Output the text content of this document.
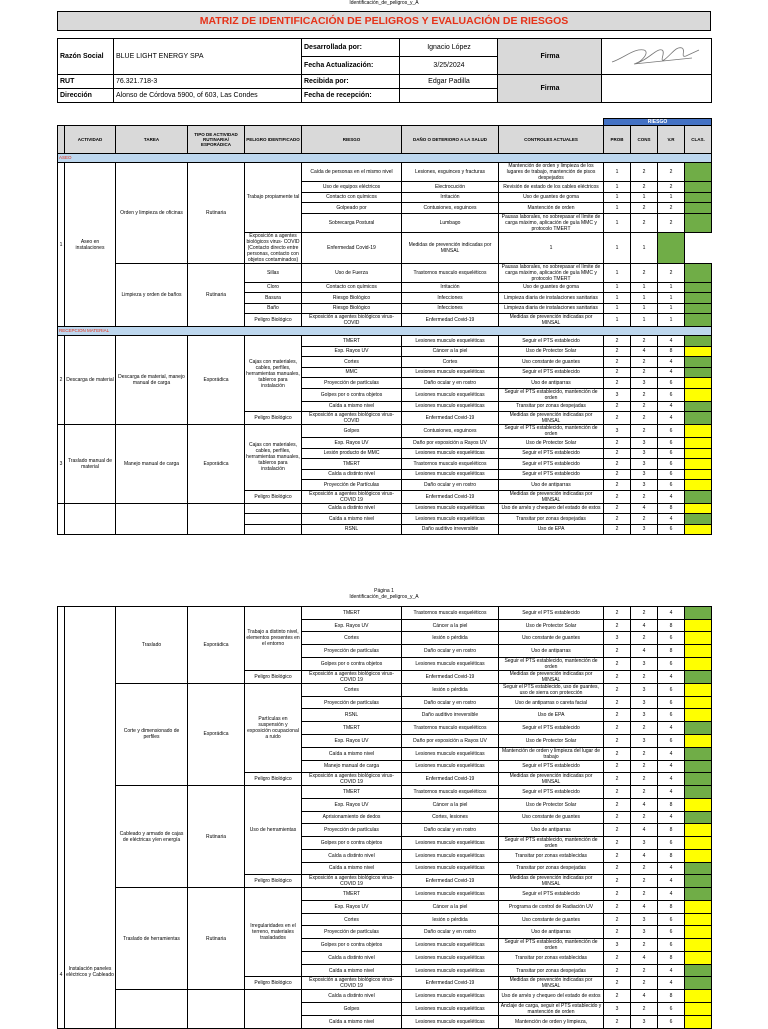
Identificación_de_peligros_y_A
MATRIZ DE IDENTIFICACIÓN DE PELIGROS Y EVALUACIÓN DE RIESGOS
Razón Social	BLUE LIGHT ENERGY SPA	Desarrollada por:	Ignacio López	Firma	
		Fecha Actualización:	3/25/2024		
RUT	76.321.718-3	Recibida por:	Edgar Padilla	Firma	
Dirección	Alonso de Córdova 5900, of 603, Las Condes	Fecha de recepción:			
								RIESGO			
	ACTIVIDAD	TAREA	TIPO DE ACTIVIDAD RUTINARIA/ ESPORÁDICA	PELIGRO IDENTIFICADO	RIESGO	DAÑO O DETERIORO A LA SALUD	CONTROLES ACTUALES	PROB	CONS	V.R	CLAS.
ASEO											
1	Aseo en instalaciones	Orden y limpieza de oficinas	Rutinaria	Trabajo propiamente tal	Caída de personas en el mismo nivel	Lesiones, esguinces y fracturas	Mantención de orden y limpieza de los lugares de trabajo, mantención de pisos despejados	1	2	2	
					Uso de equipos eléctricos	Electrocución	Revisión de estado de los cables eléctricos	1	2	2	
					Contacto con químicos	Irritación	Uso de guantes de goma	1	1	1	
					Golpeado por	Contusiones, esguinces	Mantención de orden	1	2	2	
					Sobrecarga Postural	Lumbago	Pausas laborales, no sobrepasar el límite de carga máximo, aplicación de guía MMC y protocolo TMERT	1	2	2	
				Exposición a agentes biológicos virus- COVID (Contacto directo entre personas, contacto con objetos contaminados)	Enfermedad Covid-19	Medidas de prevención indicadas por MINSAL	1	1	1		
		Limpieza y orden de baños	Rutinaria	Sillas	Uso de Fuerza	Trastornos musculo esqueléticos	Pausas laborales, no sobrepasar el límite de carga máximo, aplicación de guía MMC y protocolo TMERT	1	2	2	
				Cloro	Contacto con químicos	Irritación	Uso de guantes de goma	1	1	1	
				Basura	Riesgo Biológico	Infecciones	Limpieza diaria de instalaciones sanitarias	1	1	1	
				Baño	Riesgo Biológico	Infecciones	Limpieza diaria de instalaciones sanitarias	1	1	1	
				Peligro Biológico	Exposición a agentes biológicos virus- COVID	Enfermedad Covid-19	Medidas de prevención indicadas por MINSAL	1	1	1	
RECEPCION MATERIAL											
2	Descarga de material	Descarga de material, manejo manual de carga	Esporádica	Cajas con materiales, cables, perfiles, herramientas manuales, tableros para instalación	TMERT	Lesiones musculo esqueléticas	Seguir el PTS establecido	2	2	4	
					Exp. Rayos UV	Cáncer a la piel	Uso de Protector Solar	2	4	8	
					Cortes	Cortes	Uso constante de guantes	2	2	4	
					MMC	Lesiones musculo esqueléticas	Seguir el PTS establecido	2	2	4	
					Proyección de partículas	Daño ocular y en rostro	Uso de antiparras	2	3	6	
					Golpes por o contra objetos	Lesiones musculo esqueléticas	Seguir el PTS establecido, mantención de orden	3	2	6	
					Caída a mismo nivel	Lesiones musculo esqueléticas	Transitar por zonas despejadas	2	2	4	
				Peligro Biológico	Exposición a agentes biológicos virus- COVID	Enfermedad Covid-19	Medidas de prevención indicadas por MINSAL	2	2	4	
3	Traslado manual de material	Manejo manual de carga	Esporádica	Cajas con materiales, cables, perfiles, herramientas manuales, tableros para instalación	Golpes	Contusiones, esguinces	Seguir el PTS establecido, mantención de orden	3	2	6	
					Exp. Rayos UV	Daño por exposición a Rayos UV	Uso de Protector Solar	2	3	6	
					Lesión producto de MMC	Lesiones musculo esqueléticas	Seguir el PTS establecido	2	3	6	
					TMERT	Trastornos musculo esqueléticos	Seguir el PTS establecido	2	3	6	
					Caída a distinto nivel	Lesiones musculo esqueléticas	Seguir el PTS establecido	2	3	6	
					Proyección de Partículas	Daño ocular y en rostro	Uso de antiparras	2	3	6	
				Peligro Biológico	Exposición a agentes biológicos virus- COVID 19	Enfermedad Covid-19	Medidas de prevención indicadas por MINSAL	2	2	4	
					Caída a distinto nivel	Lesiones musculo esqueléticas	Uso de arnés y chequeo del estado de estos	2	4	8	
					Caída a mismo nivel	Lesiones musculo esqueléticas	Transitar por zonas despejadas	2	2	4	
					RSNL	Daño auditivo irreversible	Uso de EPA	2	3	6	
Página 1
Identificación_de_peligros_y_A
4	Instalación paneles eléctricos y Cableado	Traslado	Esporádica	Trabajo a distinto nivel, elementos presentes en el entorno	TMERT	Trastornos musculo esqueléticos	Seguir el PTS establecido	2	2	4	
					Exp. Rayos UV	Cáncer a la piel	Uso de Protector Solar	2	4	8	
					Cortes	lesión o pérdida	Uso constante de guantes	3	2	6	
					Proyección de partículas	Daño ocular y en rostro	Uso de antiparras	2	4	8	
					Golpes por o contra objetos	Lesiones musculo esqueléticas	Seguir el PTS establecido, mantención de orden	2	3	6	
				Peligro Biológico	Exposición a agentes biológicos virus- COVID 19	Enfermedad Covid-19	Medidas de prevención indicadas por MINSAL	2	2	4	
		Corte y dimensionado de perfiles	Esporádica	Partículas en suspensión y exposición ocupacional a ruido	Cortes	lesión o pérdida	Seguir el PTS establecido, uso de guantes, uso de sierra con protección	2	3	6	
					Proyección de partículas	Daño ocular y en rostro	Uso de antiparras o careta facial	2	3	6	
					RSNL	Daño auditivo irreversible	Uso de EPA	2	3	6	
					TMERT	Trastornos musculo esqueléticos	Seguir el PTS establecido	2	2	4	
					Exp. Rayos UV	Daño por exposición a Rayos UV	Uso de Protector Solar	2	3	6	
					Caída a mismo nivel	Lesiones musculo esqueléticas	Mantención de orden y limpieza del lugar de trabajo	2	2	4	
					Manejo manual de carga	Lesiones musculo esqueléticas	Seguir el PTS establecido	2	2	4	
				Peligro Biológico	Exposición a agentes biológicos virus- COVID 19	Enfermedad Covid-19	Medidas de prevención indicadas por MINSAL	2	2	4	
		Cableado y armado de cajas de eléctricas y/en energía	Rutinaria	Uso de herramientas	TMERT	Trastornos musculo esqueléticos	Seguir el PTS establecido	2	2	4	
					Exp. Rayos UV	Cáncer a la piel	Uso de Protector Solar	2	4	8	
					Aprisionamiento de dedos	Cortes, lesiones	Uso constante de guantes	2	2	4	
					Proyección de partículas	Daño ocular y en rostro	Uso de antiparras	2	4	8	
					Golpes por o contra objetos	Lesiones musculo esqueléticas	Seguir el PTS establecido, mantención de orden	2	3	6	
					Caída a distinto nivel	Lesiones musculo esqueléticas	Transitar por zonas establecidas	2	4	8	
					Caída a mismo nivel	Lesiones musculo esqueléticas	Transitar por zonas despejadas	2	2	4	
				Peligro Biológico	Exposición a agentes biológicos virus- COVID 19	Enfermedad Covid-19	Medidas de prevención indicadas por MINSAL	2	2	4	
		Traslado de herramientas	Rutinaria	Irregularidades en el terreno, materiales trasladados	TMERT	Lesiones musculo esqueléticas	Seguir el PTS establecido	2	2	4	
					Exp. Rayos UV	Cáncer a la piel	Programa de control de Radiación UV	2	4	8	
					Cortes	lesión o pérdida	Uso constante de guantes	2	3	6	
					Proyección de partículas	Daño ocular y en rostro	Uso de antiparras	2	3	6	
					Golpes por o contra objetos	Lesiones musculo esqueléticas	Seguir el PTS establecido, mantención de orden	3	2	6	
					Caída a distinto nivel	Lesiones musculo esqueléticas	Transitar por zonas establecidas	2	4	8	
					Caída a mismo nivel	Lesiones musculo esqueléticas	Transitar por zonas despejadas	2	2	4	
				Peligro Biológico	Exposición a agentes biológicos virus- COVID 19	Enfermedad Covid-19	Medidas de prevención indicadas por MINSAL	2	2	4	
					Caída a distinto nivel	Lesiones musculo esqueléticas	Uso de arnés y chequeo del estado de estos	2	4	8	
					Golpes	Lesiones musculo esqueléticas	Anclaje de carga, seguir el PTS establecido y mantención de orden	3	2	6	
					Caída a mismo nivel	Lesiones musculo esqueléticas	Mantención de orden y limpieza,	2	3	6	
